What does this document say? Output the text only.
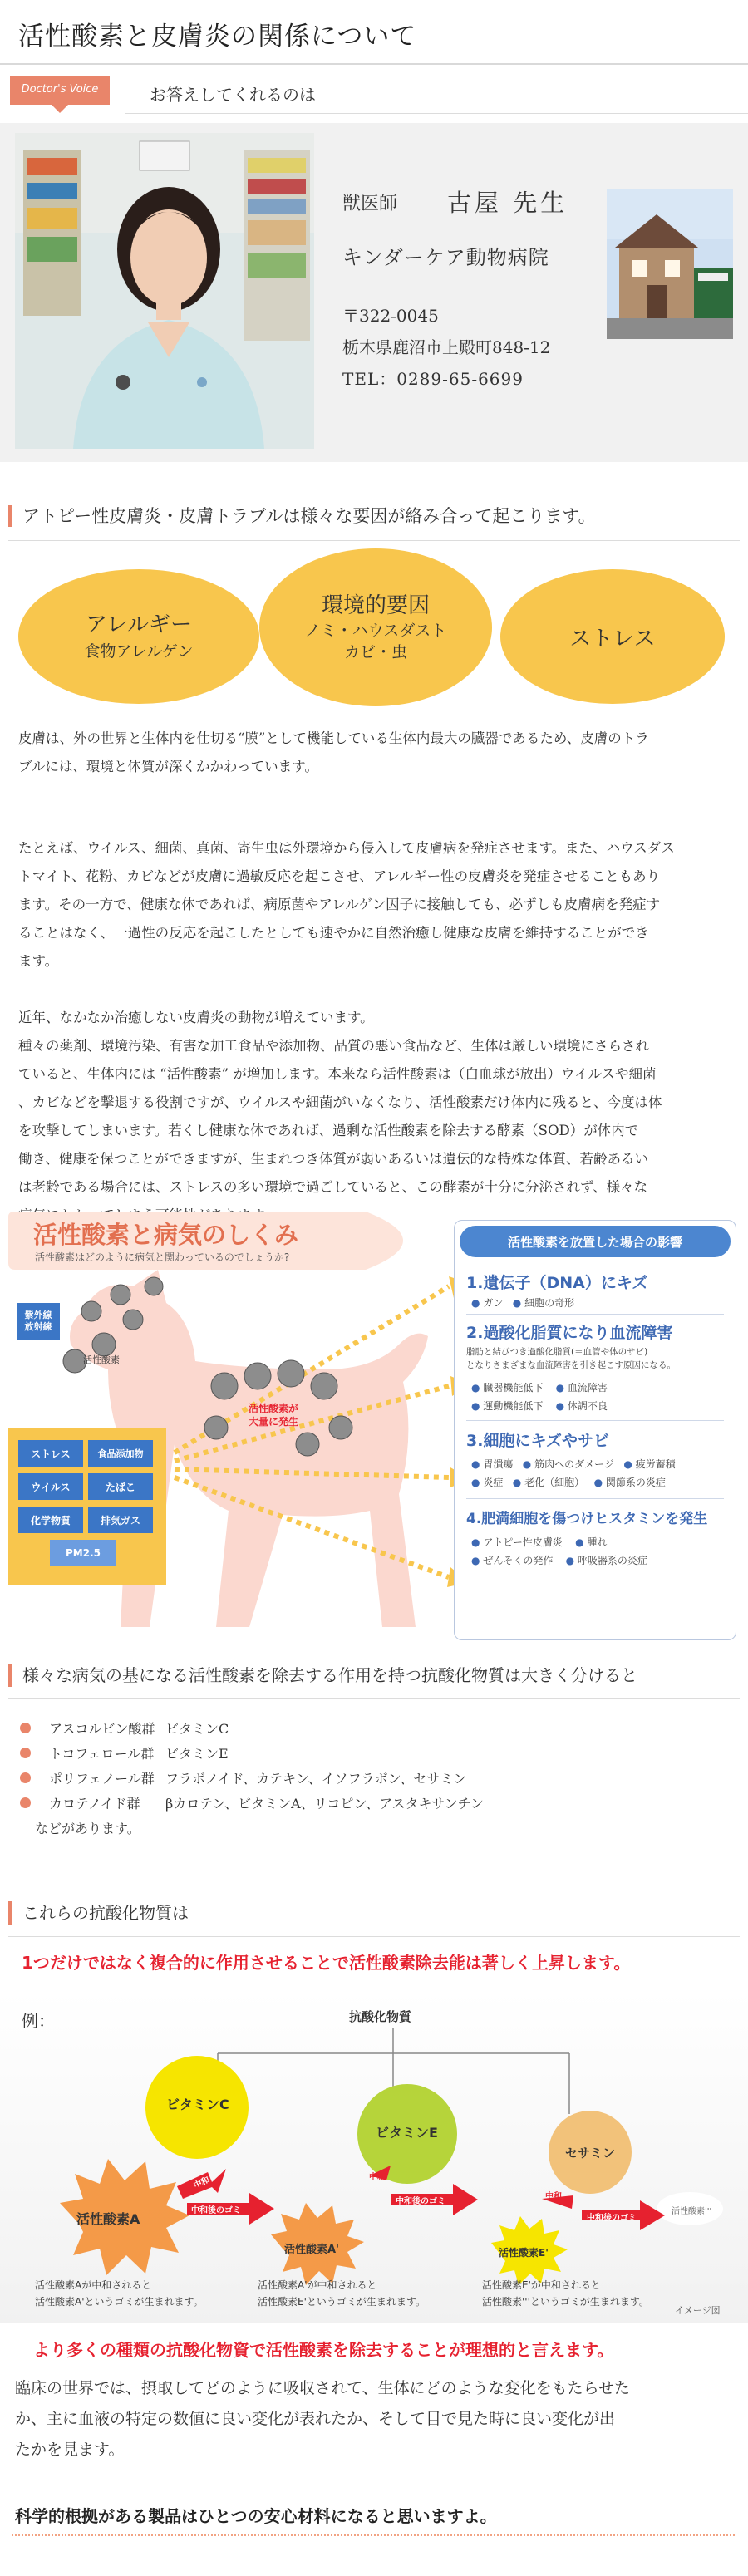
活性酸素と皮膚炎の関係について
Doctor's Voice	お答えしてくれるのは
獣医師 古屋 先生
キンダーケア動物病院
〒322-0045
栃木県鹿沼市上殿町848-12
TEL：0289-65-6699
アトピー性皮膚炎・皮膚トラブルは様々な要因が絡み合って起こります。
アレルギー
食物アレルゲン
環境的要因
ノミ・ハウスダスト
カビ・虫
ストレス
皮膚は、外の世界と生体内を仕切る“膜”として機能している生体内最大の臓器であるため、皮膚のトラ
ブルには、環境と体質が深くかかわっています。
たとえば、ウイルス、細菌、真菌、寄生虫は外環境から侵入して皮膚病を発症させます。また、ハウスダス
トマイト、花粉、カビなどが皮膚に過敏反応を起こさせ、アレルギー性の皮膚炎を発症させることもあり
ます。その一方で、健康な体であれば、病原菌やアレルゲン因子に接触しても、必ずしも皮膚病を発症す
ることはなく、一過性の反応を起こしたとしても速やかに自然治癒し健康な皮膚を維持することができ
ます。
近年、なかなか治癒しない皮膚炎の動物が増えています。
種々の薬剤、環境汚染、有害な加工食品や添加物、品質の悪い食品など、生体は厳しい環境にさらされ
ていると、生体内には “活性酸素” が増加します。本来なら活性酸素は（白血球が放出）ウイルスや細菌
、カビなどを撃退する役割ですが、ウイルスや細菌がいなくなり、活性酸素だけ体内に残ると、今度は体
を攻撃してしまいます。若くし健康な体であれば、過剰な活性酸素を除去する酵素（SOD）が体内で
働き、健康を保つことができますが、生まれつき体質が弱いあるいは遺伝的な特殊な体質、若齢あるい
は老齢である場合には、ストレスの多い環境で過ごしていると、この酵素が十分に分泌されず、様々な
活性酸素と病気のしくみ
活性酸素はどのように病気と関わっているのでしょうか?
紫外線
放射線
活性酸素
活性酸素が
大量に発生
ストレス	食品添加物
ウイルス	たばこ
化学物質	排気ガス
PM2.5
活性酸素を放置した場合の影響
1.遺伝子（DNA）にキズ
● ガン ● 細胞の奇形
2.過酸化脂質になり血流障害
脂肪と結びつき過酸化脂質(＝血管や体のサビ)
となりさまざまな血流障害を引き起こす原因になる。
● 臓器機能低下 ● 血流障害
● 運動機能低下 ● 体調不良
3.細胞にキズやサビ
● 胃潰瘍 ● 筋肉へのダメージ ● 疲労蓄積
● 炎症 ● 老化（細胞） ● 関節系の炎症
4.肥満細胞を傷つけヒスタミンを発生
● アトピー性皮膚炎 ● 腫れ
● ぜんそくの発作 ● 呼吸器系の炎症
様々な病気の基になる活性酸素を除去する作用を持つ抗酸化物質は大きく分けると
アスコルビン酸群 ビタミンC
トコフェロール群 ビタミンE
ポリフェノール群 フラボノイド、カテキン、イソフラボン、セサミン
カロテノイド群	βカロテン、ビタミンA、リコピン、アスタキサンチン
などがあります。
これらの抗酸化物質は
1つだけではなく複合的に作用させることで活性酸素除去能は著しく上昇します。
例：	抗酸化物質
ビタミンC
ビタミンE
セサミン
活性酸素A
活性酸素A'	活性酸素E'
活性酸素'''
中和
中和後のゴミ
中和
中和後のゴミ
中和
中和後のゴミ
活性酸素Aが中和されると
活性酸素A'というゴミが生まれます。
活性酸素A'が中和されると
活性酸素E'というゴミが生まれます。
活性酸素E'が中和されると
活性酸素'''というゴミが生まれます。
イメージ図
より多くの種類の抗酸化物資で活性酸素を除去することが理想的と言えます。
臨床の世界では、摂取してどのように吸収されて、生体にどのような変化をもたらせた
か、主に血液の特定の数値に良い変化が表れたか、そして目で見た時に良い変化が出
たかを見ます。
科学的根拠がある製品はひとつの安心材料になると思いますよ。
